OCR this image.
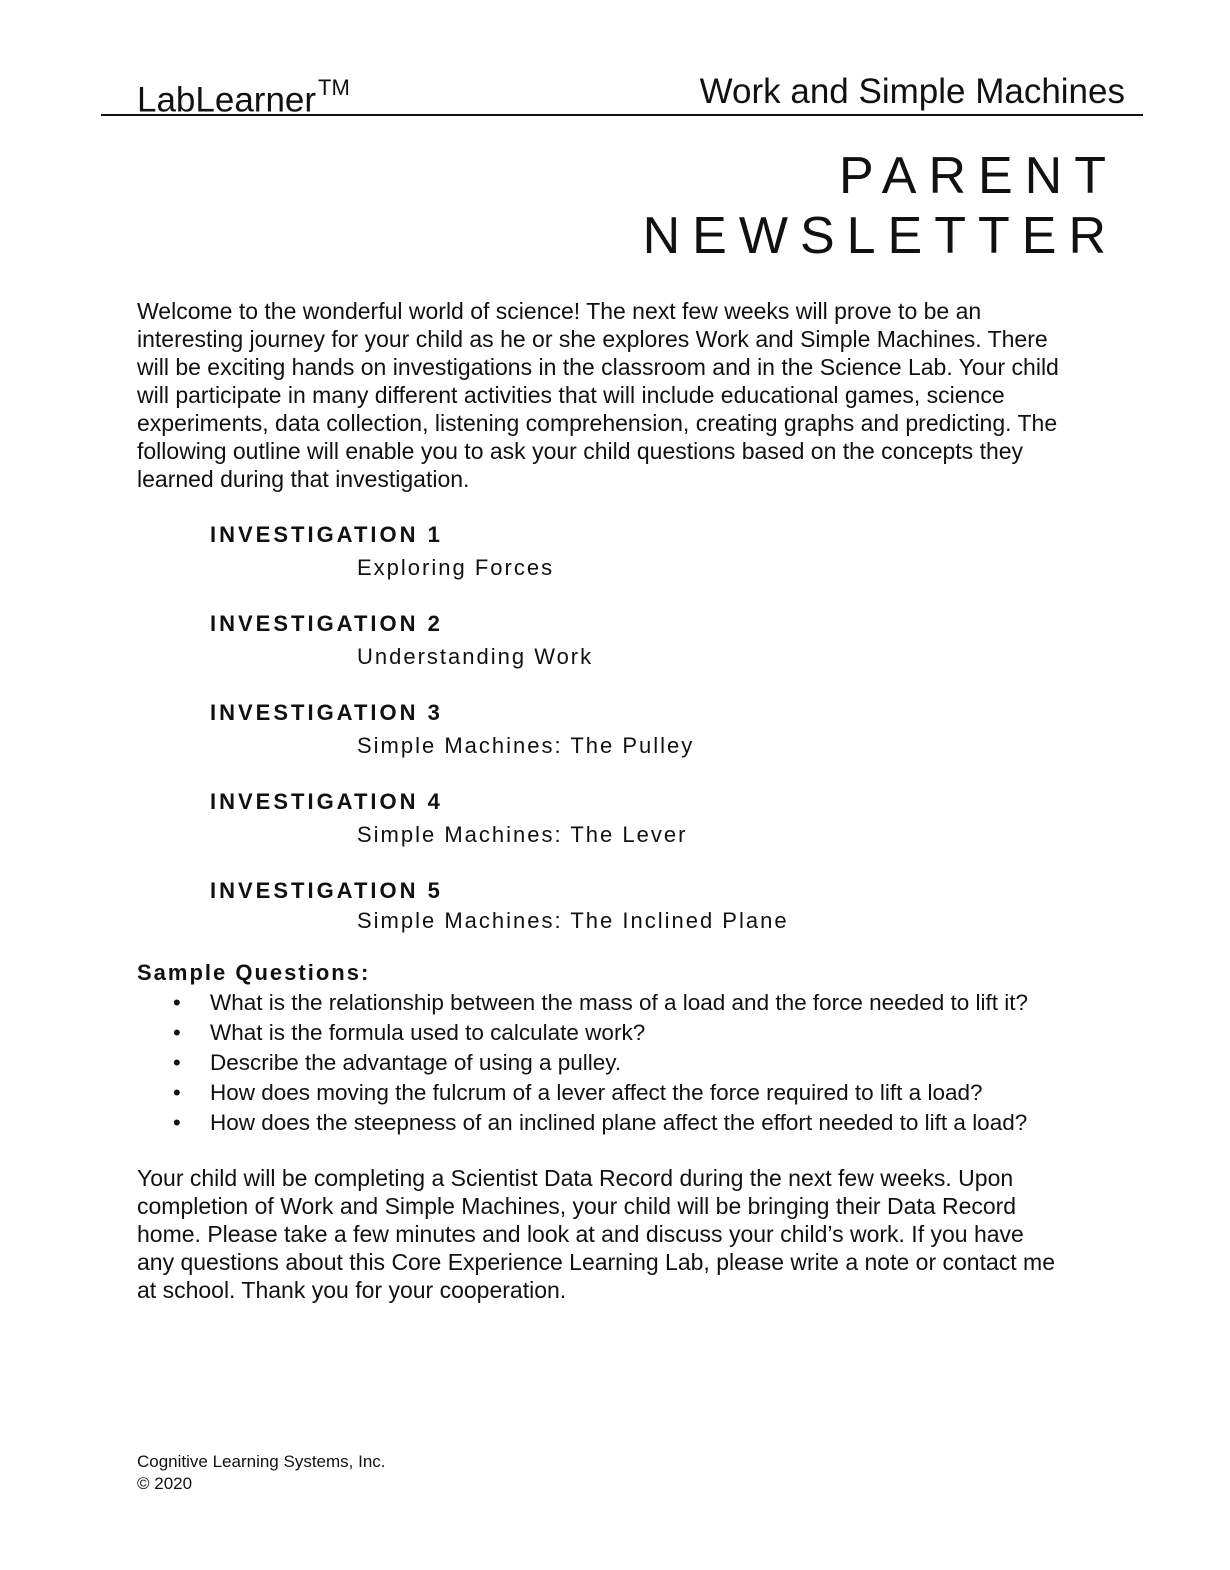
LabLearner™	Work and Simple Machines
PARENT
NEWSLETTER

Welcome to the wonderful world of science! The next few weeks will prove to be an
interesting journey for your child as he or she explores Work and Simple Machines. There
will be exciting hands on investigations in the classroom and in the Science Lab. Your child
will participate in many different activities that will include educational games, science
experiments, data collection, listening comprehension, creating graphs and predicting. The
following outline will enable you to ask your child questions based on the concepts they
learned during that investigation.

INVESTIGATION 1
Exploring Forces
INVESTIGATION 2
Understanding Work
INVESTIGATION 3
Simple Machines: The Pulley
INVESTIGATION 4
Simple Machines: The Lever
INVESTIGATION 5
Simple Machines: The Inclined Plane
Sample Questions:
• What is the relationship between the mass of a load and the force needed to lift it?
• What is the formula used to calculate work?
• Describe the advantage of using a pulley.
• How does moving the fulcrum of a lever affect the force required to lift a load?
• How does the steepness of an inclined plane affect the effort needed to lift a load?

Your child will be completing a Scientist Data Record during the next few weeks. Upon
completion of Work and Simple Machines, your child will be bringing their Data Record
home. Please take a few minutes and look at and discuss your child’s work. If you have
any questions about this Core Experience Learning Lab, please write a note or contact me
at school. Thank you for your cooperation.

Cognitive Learning Systems, Inc.
© 2020
